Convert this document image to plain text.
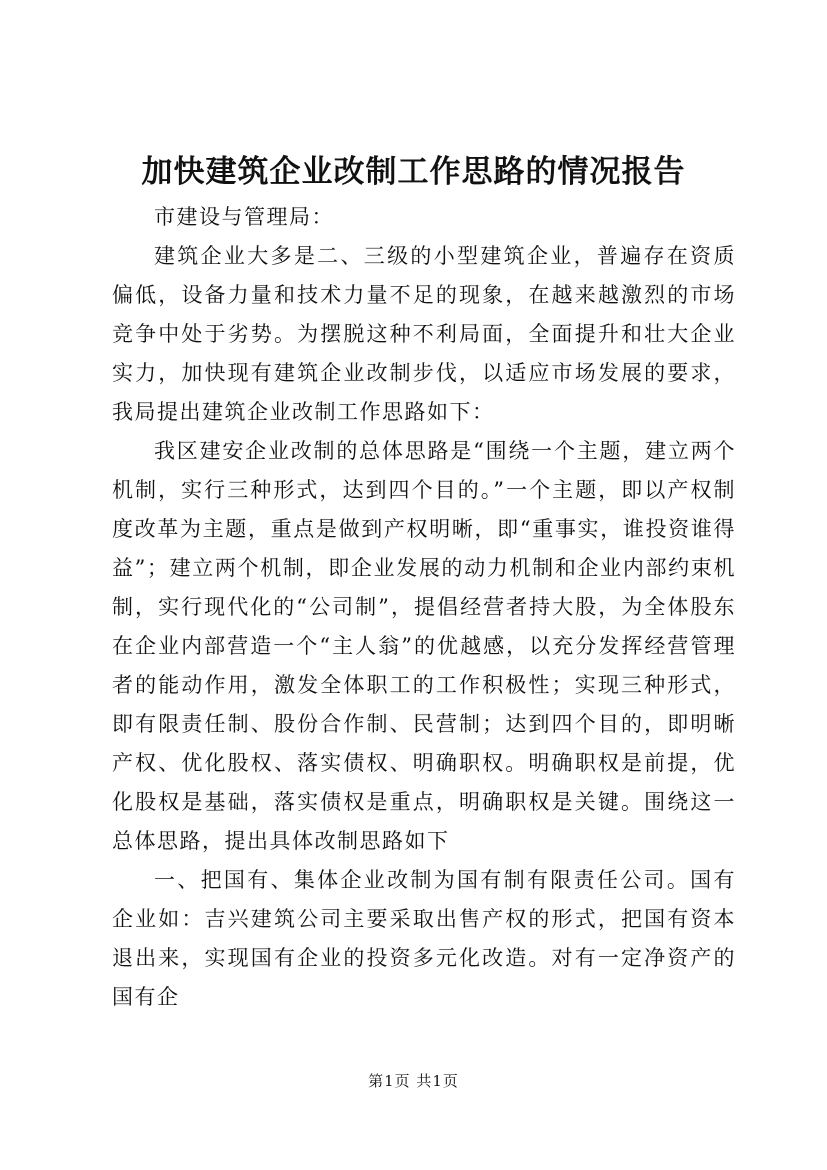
加快建筑企业改制工作思路的情况报告

市建设与管理局：

建筑企业大多是二、三级的小型建筑企业，普遍存在资质偏低，设备力量和技术力量不足的现象，在越来越激烈的市场竞争中处于劣势。为摆脱这种不利局面，全面提升和壮大企业实力，加快现有建筑企业改制步伐，以适应市场发展的要求，我局提出建筑企业改制工作思路如下：

我区建安企业改制的总体思路是“围绕一个主题，建立两个机制，实行三种形式，达到四个目的。”一个主题，即以产权制度改革为主题，重点是做到产权明晰，即“重事实，谁投资谁得益”；建立两个机制，即企业发展的动力机制和企业内部约束机制，实行现代化的“公司制”，提倡经营者持大股，为全体股东在企业内部营造一个“主人翁”的优越感，以充分发挥经营管理者的能动作用，激发全体职工的工作积极性；实现三种形式，即有限责任制、股份合作制、民营制；达到四个目的，即明晰产权、优化股权、落实债权、明确职权。明确职权是前提，优化股权是基础，落实债权是重点，明确职权是关键。围绕这一总体思路，提出具体改制思路如下

一、把国有、集体企业改制为国有制有限责任公司。国有企业如：吉兴建筑公司主要采取出售产权的形式，把国有资本退出来，实现国有企业的投资多元化改造。对有一定净资产的国有企

第1页 共1页
